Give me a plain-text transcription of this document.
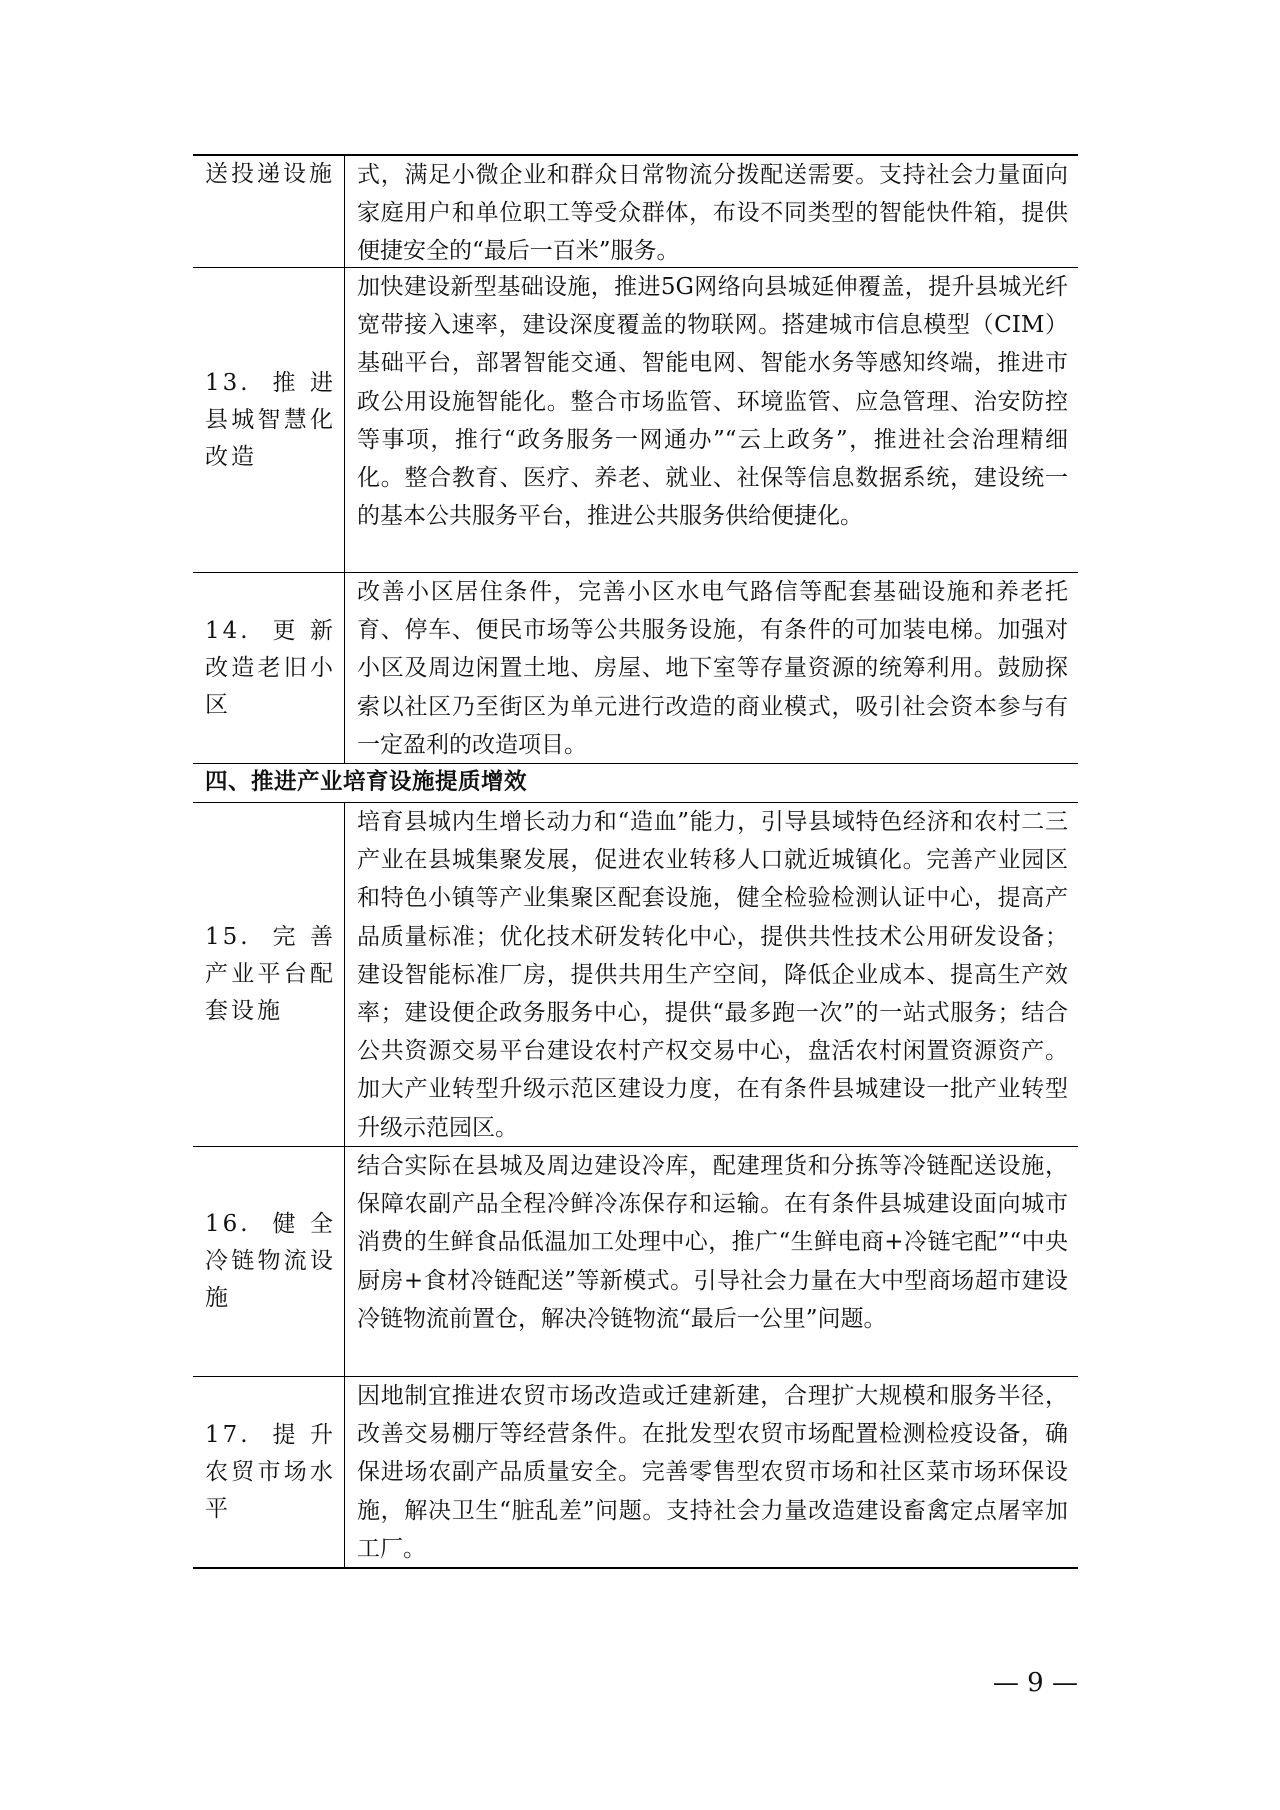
送投递设施 式，满足小微企业和群众日常物流分拨配送需要。支持社会力量面向家庭用户和单位职工等受众群体，布设不同类型的智能快件箱，提供便捷安全的“最后一百米”服务。
13. 推进县城智慧化改造
加快建设新型基础设施，推进5G网络向县城延伸覆盖，提升县城光纤宽带接入速率，建设深度覆盖的物联网。搭建城市信息模型（CIM）基础平台，部署智能交通、智能电网、智能水务等感知终端，推进市政公用设施智能化。整合市场监管、环境监管、应急管理、治安防控等事项，推行“政务服务一网通办”“云上政务”，推进社会治理精细化。整合教育、医疗、养老、就业、社保等信息数据系统，建设统一的基本公共服务平台，推进公共服务供给便捷化。
14. 更新改造老旧小区
改善小区居住条件，完善小区水电气路信等配套基础设施和养老托育、停车、便民市场等公共服务设施，有条件的可加装电梯。加强对小区及周边闲置土地、房屋、地下室等存量资源的统筹利用。鼓励探索以社区乃至街区为单元进行改造的商业模式，吸引社会资本参与有一定盈利的改造项目。
四、推进产业培育设施提质增效
15. 完善产业平台配套设施
培育县城内生增长动力和“造血”能力，引导县域特色经济和农村二三产业在县城集聚发展，促进农业转移人口就近城镇化。完善产业园区和特色小镇等产业集聚区配套设施，健全检验检测认证中心，提高产品质量标准；优化技术研发转化中心，提供共性技术公用研发设备；建设智能标准厂房，提供共用生产空间，降低企业成本、提高生产效率；建设便企政务服务中心，提供“最多跑一次”的一站式服务；结合公共资源交易平台建设农村产权交易中心，盘活农村闲置资源资产。加大产业转型升级示范区建设力度，在有条件县城建设一批产业转型升级示范园区。
16. 健全冷链物流设施
结合实际在县城及周边建设冷库，配建理货和分拣等冷链配送设施，保障农副产品全程冷鲜冷冻保存和运输。在有条件县城建设面向城市消费的生鲜食品低温加工处理中心，推广“生鲜电商+冷链宅配”“中央厨房+食材冷链配送”等新模式。引导社会力量在大中型商场超市建设冷链物流前置仓，解决冷链物流“最后一公里”问题。
17. 提升农贸市场水平
因地制宜推进农贸市场改造或迁建新建，合理扩大规模和服务半径，改善交易棚厅等经营条件。在批发型农贸市场配置检测检疫设备，确保进场农副产品质量安全。完善零售型农贸市场和社区菜市场环保设施，解决卫生“脏乱差”问题。支持社会力量改造建设畜禽定点屠宰加工厂。
— 9 —
